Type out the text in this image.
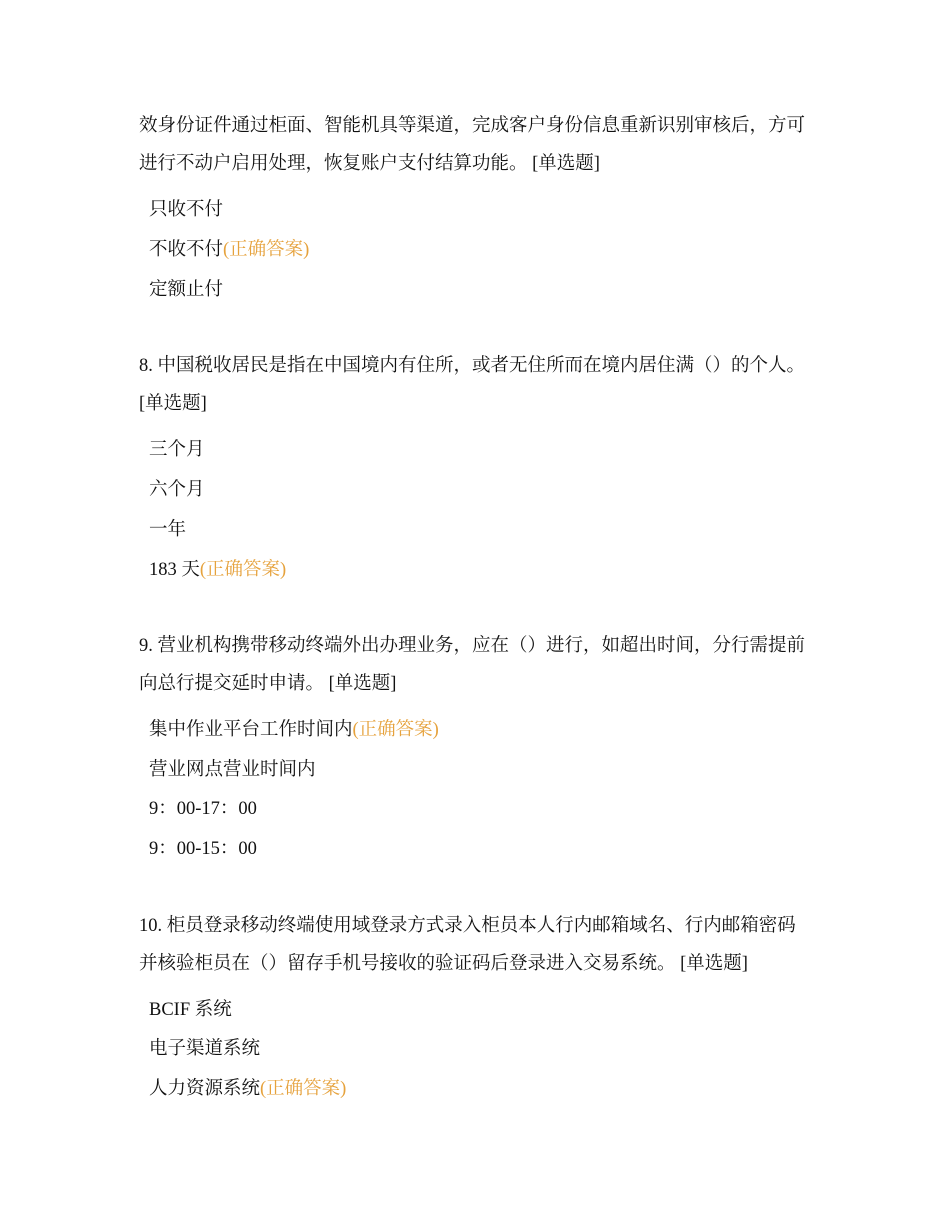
效身份证件通过柜面、智能机具等渠道，完成客户身份信息重新识别审核后，方可
进行不动户启用处理，恢复账户支付结算功能。 [单选题]

只收不付
不收不付(正确答案)
定额止付

8. 中国税收居民是指在中国境内有住所，或者无住所而在境内居住满（）的个人。
[单选题]

三个月
六个月
一年
183 天(正确答案)

9. 营业机构携带移动终端外出办理业务，应在（）进行，如超出时间，分行需提前
向总行提交延时申请。 [单选题]

集中作业平台工作时间内(正确答案)
营业网点营业时间内
9：00-17：00
9：00-15：00

10. 柜员登录移动终端使用域登录方式录入柜员本人行内邮箱域名、行内邮箱密码
并核验柜员在（）留存手机号接收的验证码后登录进入交易系统。 [单选题]

BCIF 系统
电子渠道系统
人力资源系统(正确答案)
